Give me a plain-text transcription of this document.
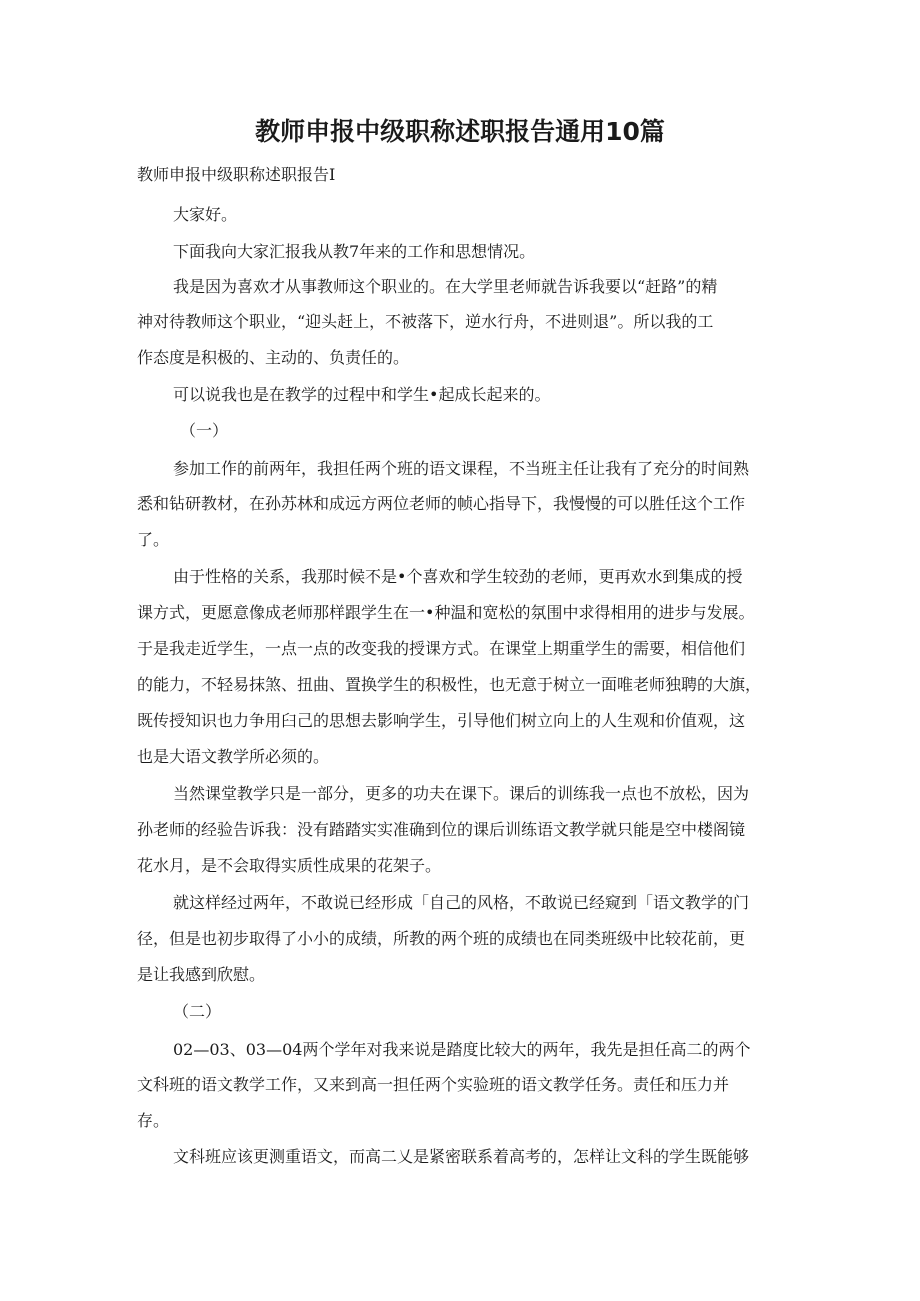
教师申报中级职称述职报告通用10篇

教师申报中级职称述职报告I

大家好。

下面我向大家汇报我从教7年来的工作和思想情况。

我是因为喜欢才从事教师这个职业的。在大学里老师就告诉我要以“赶路”的精

神对待教师这个职业，“迎头赶上，不被落下，逆水行舟，不进则退”。所以我的工

作态度是积极的、主动的、负责任的。

可以说我也是在教学的过程中和学生•起成长起来的。

（一）

参加工作的前两年，我担任两个班的语文课程，不当班主任让我有了充分的时间熟

悉和钻研教材，在孙苏林和成远方两位老师的帧心指导下，我慢慢的可以胜任这个工作

了。

由于性格的关系，我那时候不是•个喜欢和学生较劲的老师，更再欢水到集成的授

课方式，更愿意像成老师那样跟学生在一•种温和宽松的氛围中求得相用的进步与发展。

于是我走近学生，一点一点的改变我的授课方式。在课堂上期重学生的需要，相信他们

的能力，不轻易抹煞、扭曲、置换学生的积极性，也无意于树立一面唯老师独聘的大旗，

既传授知识也力争用臼己的思想去影响学生，引导他们树立向上的人生观和价值观，这

也是大语文教学所必须的。

当然课堂教学只是一部分，更多的功夫在课下。课后的训练我一点也不放松，因为

孙老师的经验告诉我：没有踏踏实实准确到位的课后训练语文教学就只能是空中楼阁镜

花水月，是不会取得实质性成果的花架子。

就这样经过两年，不敢说已经形成「自己的风格，不敢说已经窥到「语文教学的门

径，但是也初步取得了小小的成绩，所教的两个班的成绩也在同类班级中比较花前，更

是让我感到欣慰。

（二）

02—03、03—04两个学年对我来说是踏度比较大的两年，我先是担任高二的两个

文科班的语文教学工作，又来到高一担任两个实验班的语文教学任务。责任和压力并

存。

文科班应该更测重语文，而高二乂是紧密联系着高考的，怎样让文科的学生既能够
